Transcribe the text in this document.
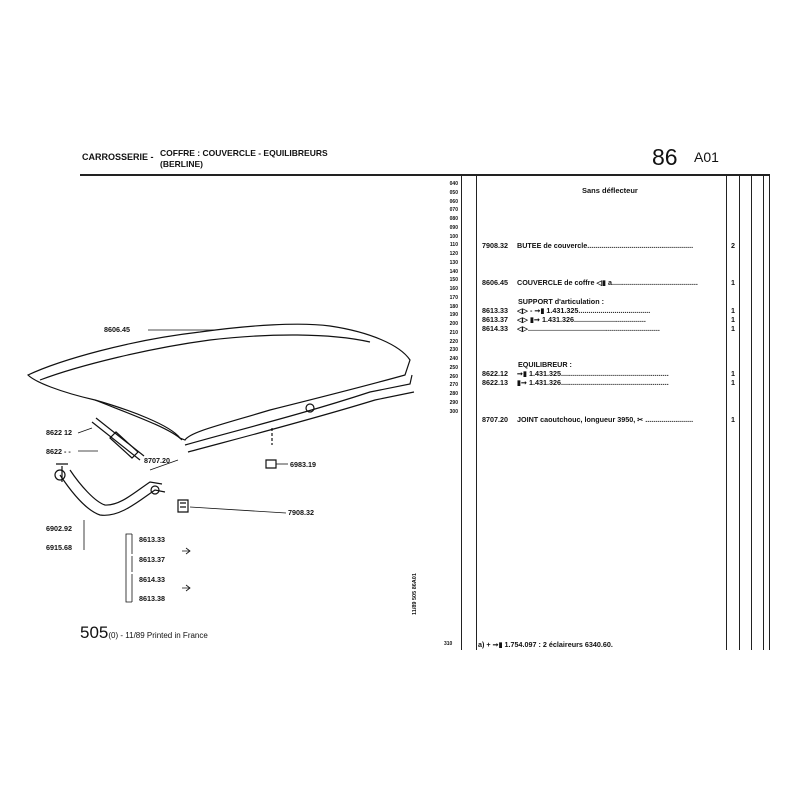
CARROSSERIE - COFFRE : COUVERCLE - EQUILIBREURS
(BERLINE)	86 A01
Sans déflecteur
040
050
060
070
080
090
100
110
120
130
140
150
160
170
180
190
200
210
220
230
240
250
260
270
280
290
300
7908.32 BUTEE de couvercle.....................................................	2
8606.45 COUVERCLE de coffre ◁▮ a...........................................	1
SUPPORT d'articulation :
8613.33 ◁▷ - ➞▮ 1.431.325....................................	1
8613.37 ◁▷ ▮➞ 1.431.326....................................	1
8614.33 ◁▷..................................................................	1
EQUILIBREUR :
8622.12 ➞▮ 1.431.325......................................................	1
8622.13 ▮➞ 1.431.326......................................................	1
8707.20 JOINT caoutchouc, longueur 3950, ✂ ........................	1
8606.45
8622 12
8622 - -
8707.20	6983.19
7908.32
6902.92
6915.68
8613.33
8613.37
8614.33
8613.38	11/89 505 86A01
505(0) - 11/89 Printed in France
310	a) + ➞▮ 1.754.097 : 2 éclaireurs 6340.60.
